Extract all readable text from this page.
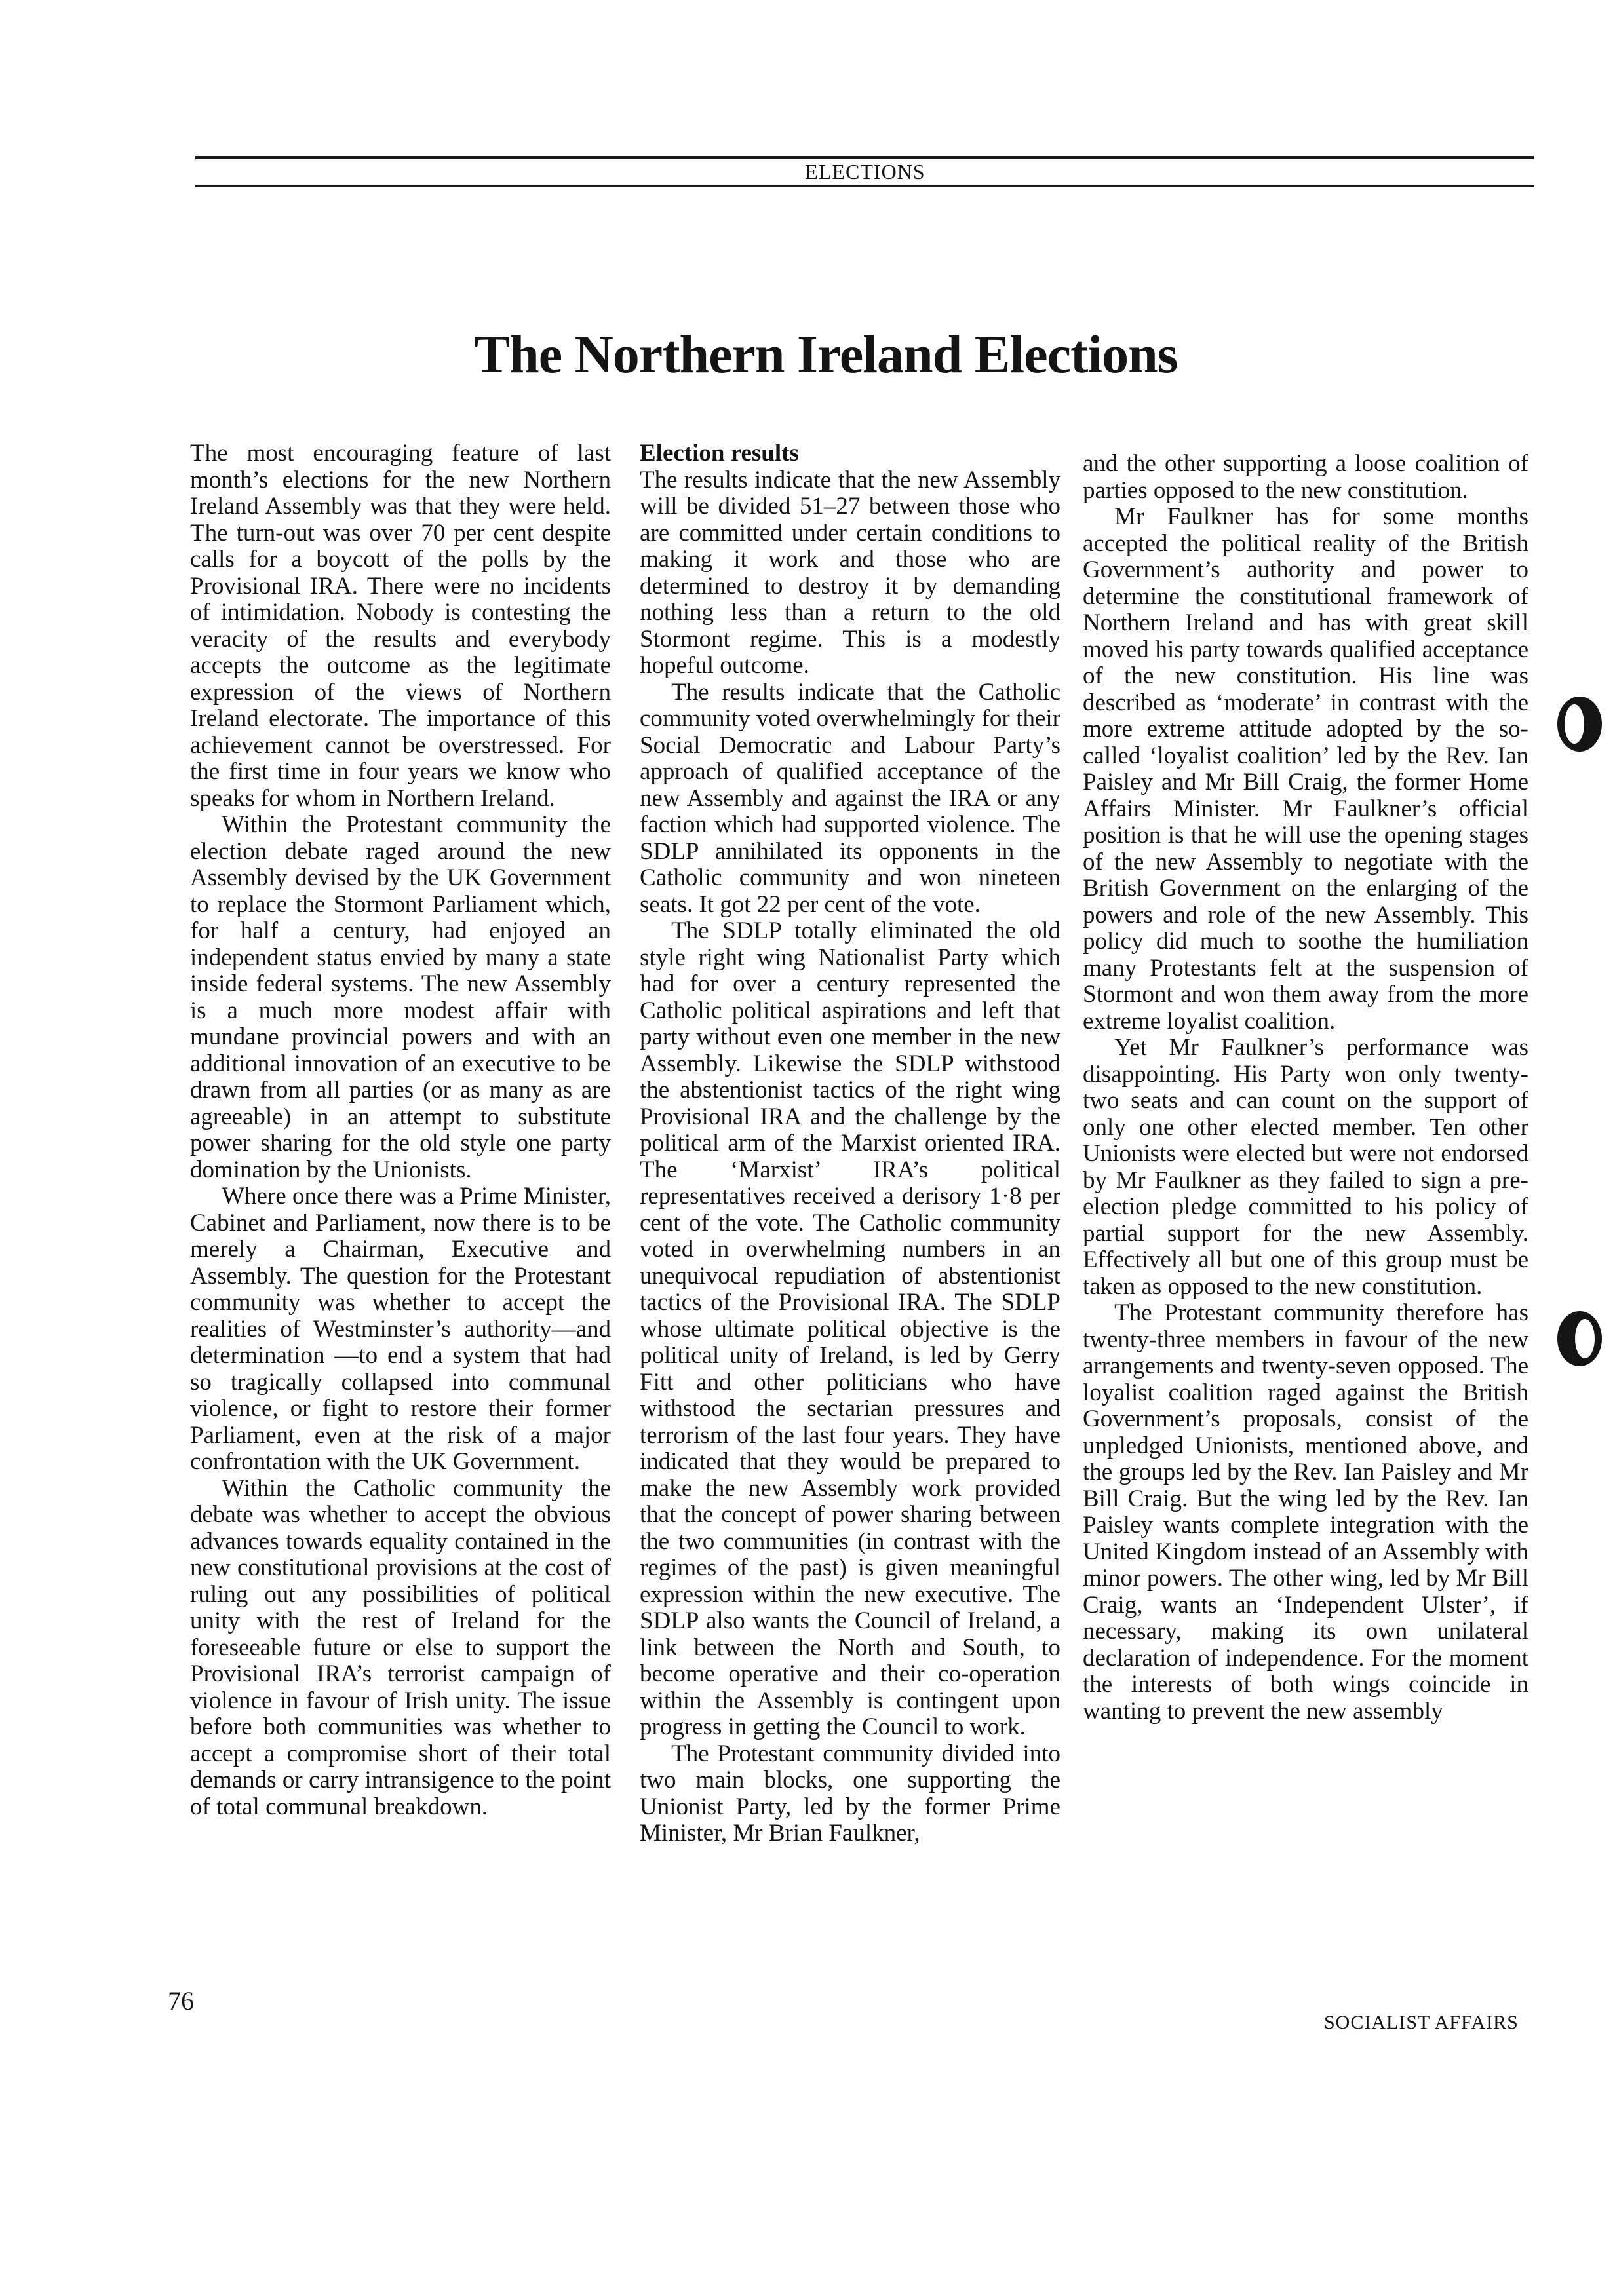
ELECTIONS
The Northern Ireland Elections

The most encouraging feature of last month’s elections for the new Northern Ireland Assembly was that they were held. The turn-out was over 70 per cent despite calls for a boycott of the polls by the Provisional IRA. There were no incidents of intimidation. Nobody is contesting the veracity of the results and everybody accepts the outcome as the legitimate expression of the views of Northern Ireland electorate. The importance of this achievement cannot be overstressed. For the first time in four years we know who speaks for whom in Northern Ireland.

Within the Protestant community the election debate raged around the new Assembly devised by the UK Government to replace the Stormont Parliament which, for half a century, had enjoyed an independent status envied by many a state inside federal systems. The new Assembly is a much more modest affair with mundane provincial powers and with an additional innovation of an executive to be drawn from all parties (or as many as are agreeable) in an attempt to substitute power sharing for the old style one party domination by the Unionists.

Where once there was a Prime Minister, Cabinet and Parliament, now there is to be merely a Chairman, Executive and Assembly. The question for the Protestant community was whether to accept the realities of Westminster’s authority—and determination —to end a system that had so tragically collapsed into communal violence, or fight to restore their former Parliament, even at the risk of a major confrontation with the UK Government.

Within the Catholic community the debate was whether to accept the obvious advances towards equality contained in the new constitutional provisions at the cost of ruling out any possibilities of political unity with the rest of Ireland for the foreseeable future or else to support the Provisional IRA’s terrorist campaign of violence in favour of Irish unity. The issue before both communities was whether to accept a compromise short of their total demands or carry intransigence to the point of total communal breakdown.

Election results

The results indicate that the new Assembly will be divided 51–27 between those who are committed under certain conditions to making it work and those who are determined to destroy it by demanding nothing less than a return to the old Stormont regime. This is a modestly hopeful outcome.

The results indicate that the Catholic community voted overwhelmingly for their Social Democratic and Labour Party’s approach of qualified acceptance of the new Assembly and against the IRA or any faction which had supported violence. The SDLP annihilated its opponents in the Catholic community and won nineteen seats. It got 22 per cent of the vote.

The SDLP totally eliminated the old style right wing Nationalist Party which had for over a century represented the Catholic political aspirations and left that party without even one member in the new Assembly. Likewise the SDLP withstood the abstentionist tactics of the right wing Provisional IRA and the challenge by the political arm of the Marxist oriented IRA. The ‘Marxist’ IRA’s political representatives received a derisory 1·8 per cent of the vote. The Catholic community voted in overwhelming numbers in an unequivocal repudiation of abstentionist tactics of the Provisional IRA. The SDLP whose ultimate political objective is the political unity of Ireland, is led by Gerry Fitt and other politicians who have withstood the sectarian pressures and terrorism of the last four years. They have indicated that they would be prepared to make the new Assembly work provided that the concept of power sharing between the two communities (in contrast with the regimes of the past) is given meaningful expression within the new executive. The SDLP also wants the Council of Ireland, a link between the North and South, to become operative and their co-operation within the Assembly is contingent upon progress in getting the Council to work.

The Protestant community divided into two main blocks, one supporting the Unionist Party, led by the former Prime Minister, Mr Brian Faulkner,

and the other supporting a loose coalition of parties opposed to the new constitution.

Mr Faulkner has for some months accepted the political reality of the British Government’s authority and power to determine the constitutional framework of Northern Ireland and has with great skill moved his party towards qualified acceptance of the new constitution. His line was described as ‘moderate’ in contrast with the more extreme attitude adopted by the so-called ‘loyalist coalition’ led by the Rev. Ian Paisley and Mr Bill Craig, the former Home Affairs Minister. Mr Faulkner’s official position is that he will use the opening stages of the new Assembly to negotiate with the British Government on the enlarging of the powers and role of the new Assembly. This policy did much to soothe the humiliation many Protestants felt at the suspension of Stormont and won them away from the more extreme loyalist coalition.

Yet Mr Faulkner’s performance was disappointing. His Party won only twenty-two seats and can count on the support of only one other elected member. Ten other Unionists were elected but were not endorsed by Mr Faulkner as they failed to sign a pre-election pledge committed to his policy of partial support for the new Assembly. Effectively all but one of this group must be taken as opposed to the new constitution.

The Protestant community therefore has twenty-three members in favour of the new arrangements and twenty-seven opposed. The loyalist coalition raged against the British Government’s proposals, consist of the unpledged Unionists, mentioned above, and the groups led by the Rev. Ian Paisley and Mr Bill Craig. But the wing led by the Rev. Ian Paisley wants complete integration with the United Kingdom instead of an Assembly with minor powers. The other wing, led by Mr Bill Craig, wants an ‘Independent Ulster’, if necessary, making its own unilateral declaration of independence. For the moment the interests of both wings coincide in wanting to prevent the new assembly

76
SOCIALIST AFFAIRS
